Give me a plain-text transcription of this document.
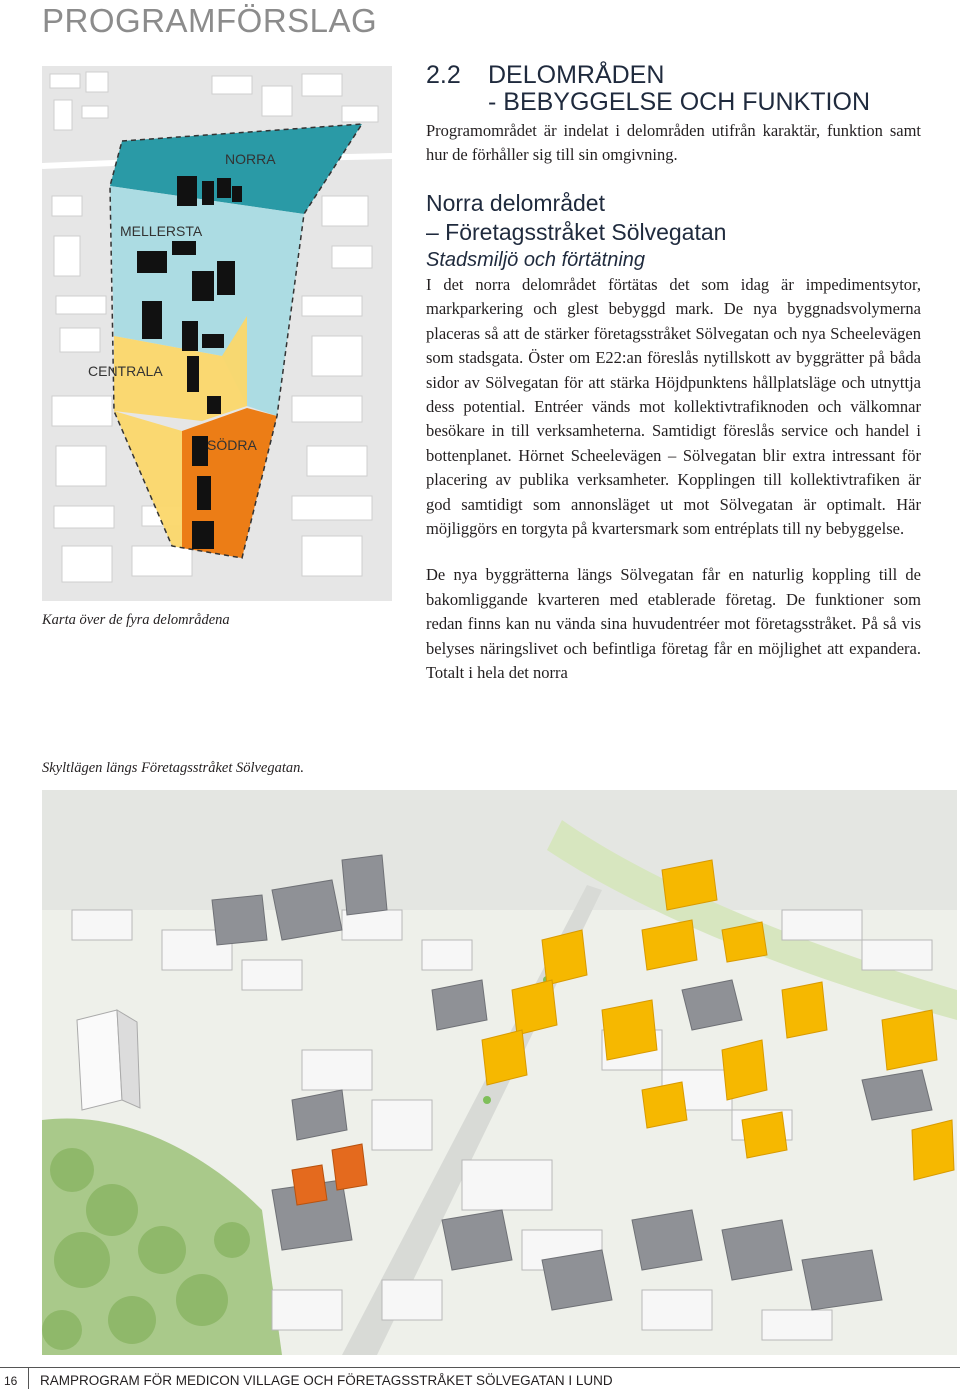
PROGRAMFÖRSLAG
NORRA
MELLERSTA
CENTRALA
SÖDRA
Karta över de fyra delområdena
2.2	DELOMRÅDEN
- BEBYGGELSE OCH FUNKTION

Programområdet är indelat i delområden utifrån karaktär, funktion samt hur de förhåller sig till sin omgivning.

Norra delområdet
– Företagsstråket Sölvegatan
Stadsmiljö och förtätning

I det norra delområdet förtätas det som idag är impedimentsytor, markparkering och glest bebyggd mark. De nya byggnadsvolymerna placeras så att de stärker företagsstråket Sölvegatan och nya Scheelevägen som stadsgata. Öster om E22:an föreslås nytillskott av byggrätter på båda sidor av Sölvegatan för att stärka Höjdpunktens hållplatsläge och utnyttja dess potential. Entréer vänds mot kollektivtrafiknoden och välkomnar besökare in till verksamheterna. Samtidigt föreslås service och handel i bottenplanet. Hörnet Scheelevägen – Sölvegatan blir extra intressant för placering av publika verksamheter. Kopplingen till kollektivtrafiken är god samtidigt som annonsläget ut mot Sölvegatan är optimalt. Här möjliggörs en torgyta på kvartersmark som entréplats till ny bebyggelse.

De nya byggrätterna längs Sölvegatan får en naturlig koppling till de bakomliggande kvarteren med etablerade företag. De funktioner som redan finns kan nu vända sina huvudentréer mot företagsstråket. På så vis belyses näringslivet och befintliga företag får en möjlighet att expandera. Totalt i hela det norra

Skyltlägen längs Företagsstråket Sölvegatan.
16 RAMPROGRAM FÖR MEDICON VILLAGE OCH FÖRETAGSSTRÅKET SÖLVEGATAN I LUND
